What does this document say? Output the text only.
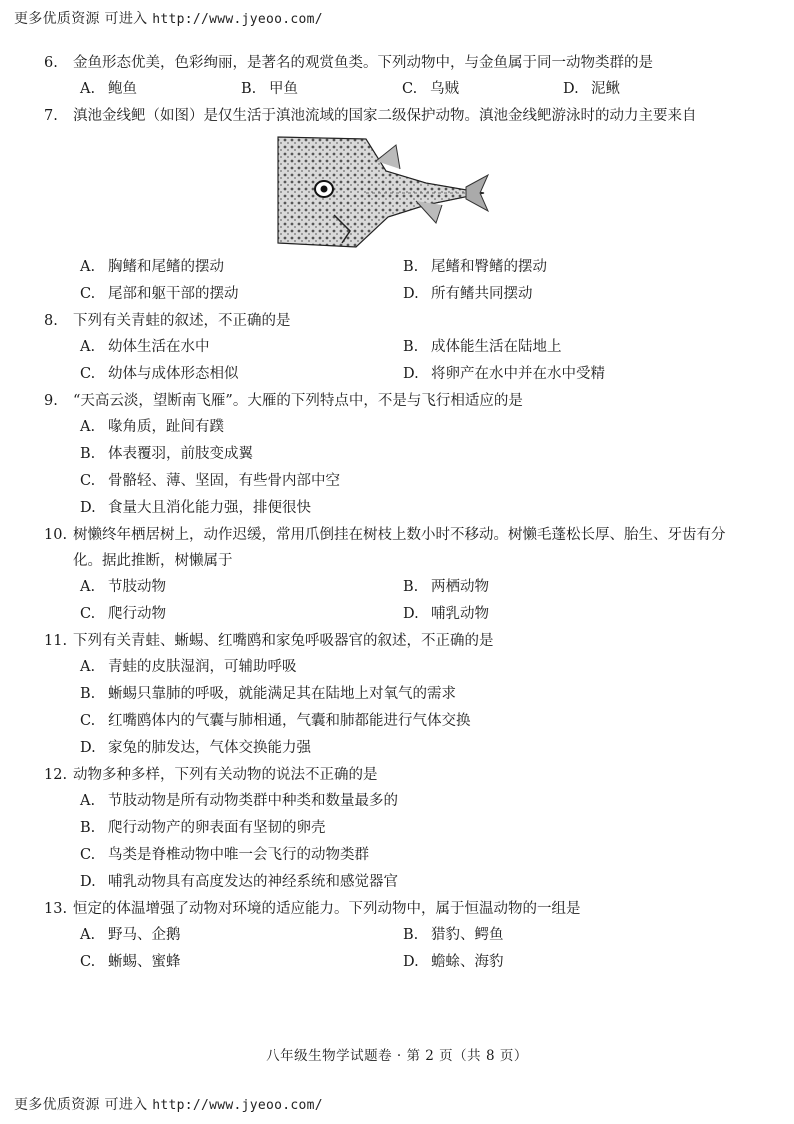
更多优质资源 可进入 http://www.jyeoo.com/
6.	金鱼形态优美，色彩绚丽，是著名的观赏鱼类。下列动物中，与金鱼属于同一动物类群的是
A. 鲍鱼	B. 甲鱼	C. 乌贼	D. 泥鳅
7.	滇池金线鲃（如图）是仅生活于滇池流域的国家二级保护动物。滇池金线鲃游泳时的动力主要来自
A. 胸鳍和尾鳍的摆动	B. 尾鳍和臀鳍的摆动
C. 尾部和躯干部的摆动	D. 所有鳍共同摆动
8.	下列有关青蛙的叙述，不正确的是
A. 幼体生活在水中	B. 成体能生活在陆地上
C. 幼体与成体形态相似	D. 将卵产在水中并在水中受精
9.	“天高云淡，望断南飞雁”。大雁的下列特点中，不是与飞行相适应的是
A. 喙角质，趾间有蹼
B. 体表覆羽，前肢变成翼
C. 骨骼轻、薄、坚固，有些骨内部中空
D. 食量大且消化能力强，排便很快
10. 树懒终年栖居树上，动作迟缓，常用爪倒挂在树枝上数小时不移动。树懒毛蓬松长厚、胎生、牙齿有分化。据此推断，树懒属于
A. 节肢动物	B. 两栖动物
C. 爬行动物	D. 哺乳动物
11. 下列有关青蛙、蜥蜴、红嘴鸥和家兔呼吸器官的叙述，不正确的是
A. 青蛙的皮肤湿润，可辅助呼吸
B. 蜥蜴只靠肺的呼吸，就能满足其在陆地上对氧气的需求
C. 红嘴鸥体内的气囊与肺相通，气囊和肺都能进行气体交换
D. 家兔的肺发达，气体交换能力强
12. 动物多种多样，下列有关动物的说法不正确的是
A. 节肢动物是所有动物类群中种类和数量最多的
B. 爬行动物产的卵表面有坚韧的卵壳
C. 鸟类是脊椎动物中唯一会飞行的动物类群
D. 哺乳动物具有高度发达的神经系统和感觉器官
13. 恒定的体温增强了动物对环境的适应能力。下列动物中，属于恒温动物的一组是
A. 野马、企鹅	B. 猎豹、鳄鱼
C. 蜥蜴、蜜蜂	D. 蟾蜍、海豹
八年级生物学试题卷 · 第 2 页（共 8 页）
更多优质资源 可进入 http://www.jyeoo.com/
